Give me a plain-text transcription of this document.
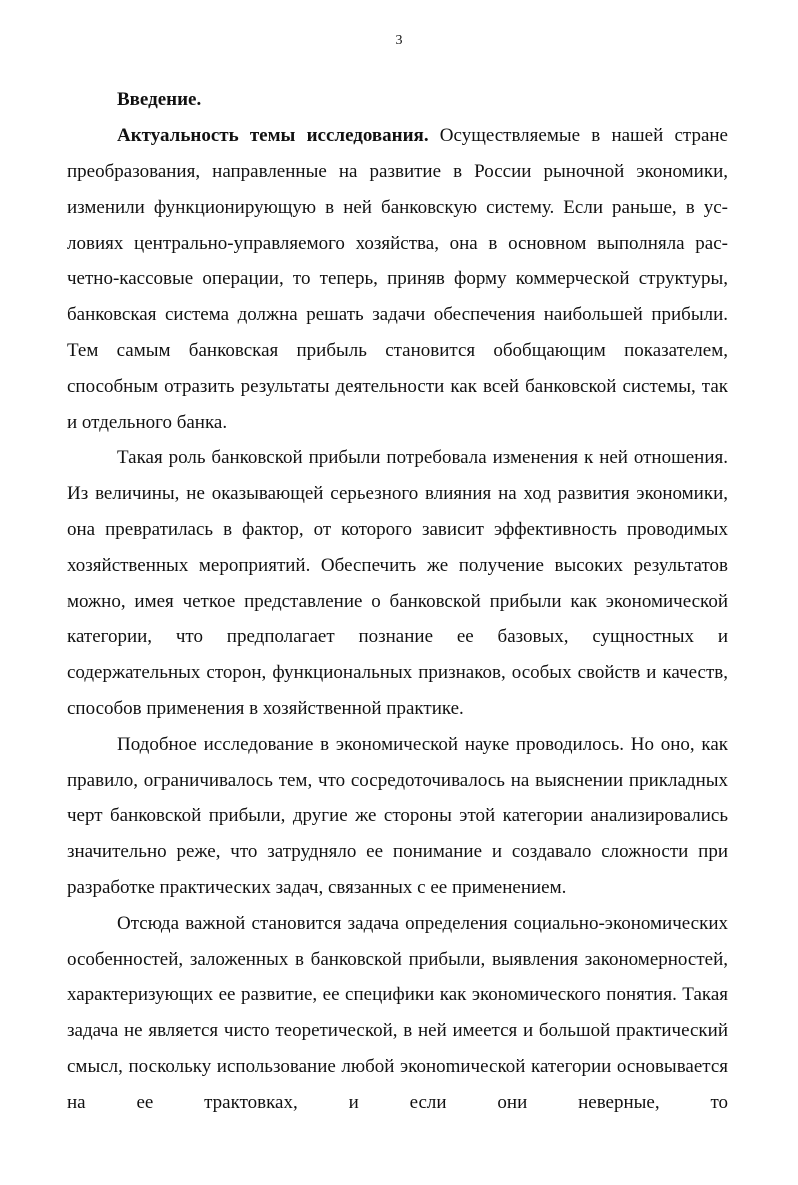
3

Введение.

Актуальность темы исследования. Осуществляемые в нашей стране преобразования, направленные на развитие в России рыночной экономики, изменили функционирующую в ней банковскую систему. Если раньше, в условиях центрально-управляемого хозяйства, она в основном выполняла расчетно-кассовые операции, то теперь, приняв форму коммерческой структуры, банковская система должна решать задачи обеспечения наибольшей прибыли. Тем самым банковская прибыль становится обобщающим показателем, способным отразить результаты деятельности как всей банковской системы, так и отдельного банка.

Такая роль банковской прибыли потребовала изменения к ней отношения. Из величины, не оказывающей серьезного влияния на ход развития экономики, она превратилась в фактор, от которого зависит эффективность проводимых хозяйственных мероприятий. Обеспечить же получение высоких результатов можно, имея четкое представление о банковской прибыли как экономической категории, что предполагает познание ее базовых, сущностных и содержательных сторон, функциональных признаков, особых свойств и качеств, способов применения в хозяйственной практике.

Подобное исследование в экономической науке проводилось. Но оно, как правило, ограничивалось тем, что сосредоточивалось на выяснении прикладных черт банковской прибыли, другие же стороны этой категории анализировались значительно реже, что затрудняло ее понимание и создавало сложности при разработке практических задач, связанных с ее применением.

Отсюда важной становится задача определения социально-экономических особенностей, заложенных в банковской прибыли, выявления закономерностей, характеризующих ее развитие, ее специфики как экономического понятия. Такая задача не является чисто теоретической, в ней имеется и большой практический смысл, поскольку использование любой эконоmической категории основывается на ее трактовках, и если они неверные, то
